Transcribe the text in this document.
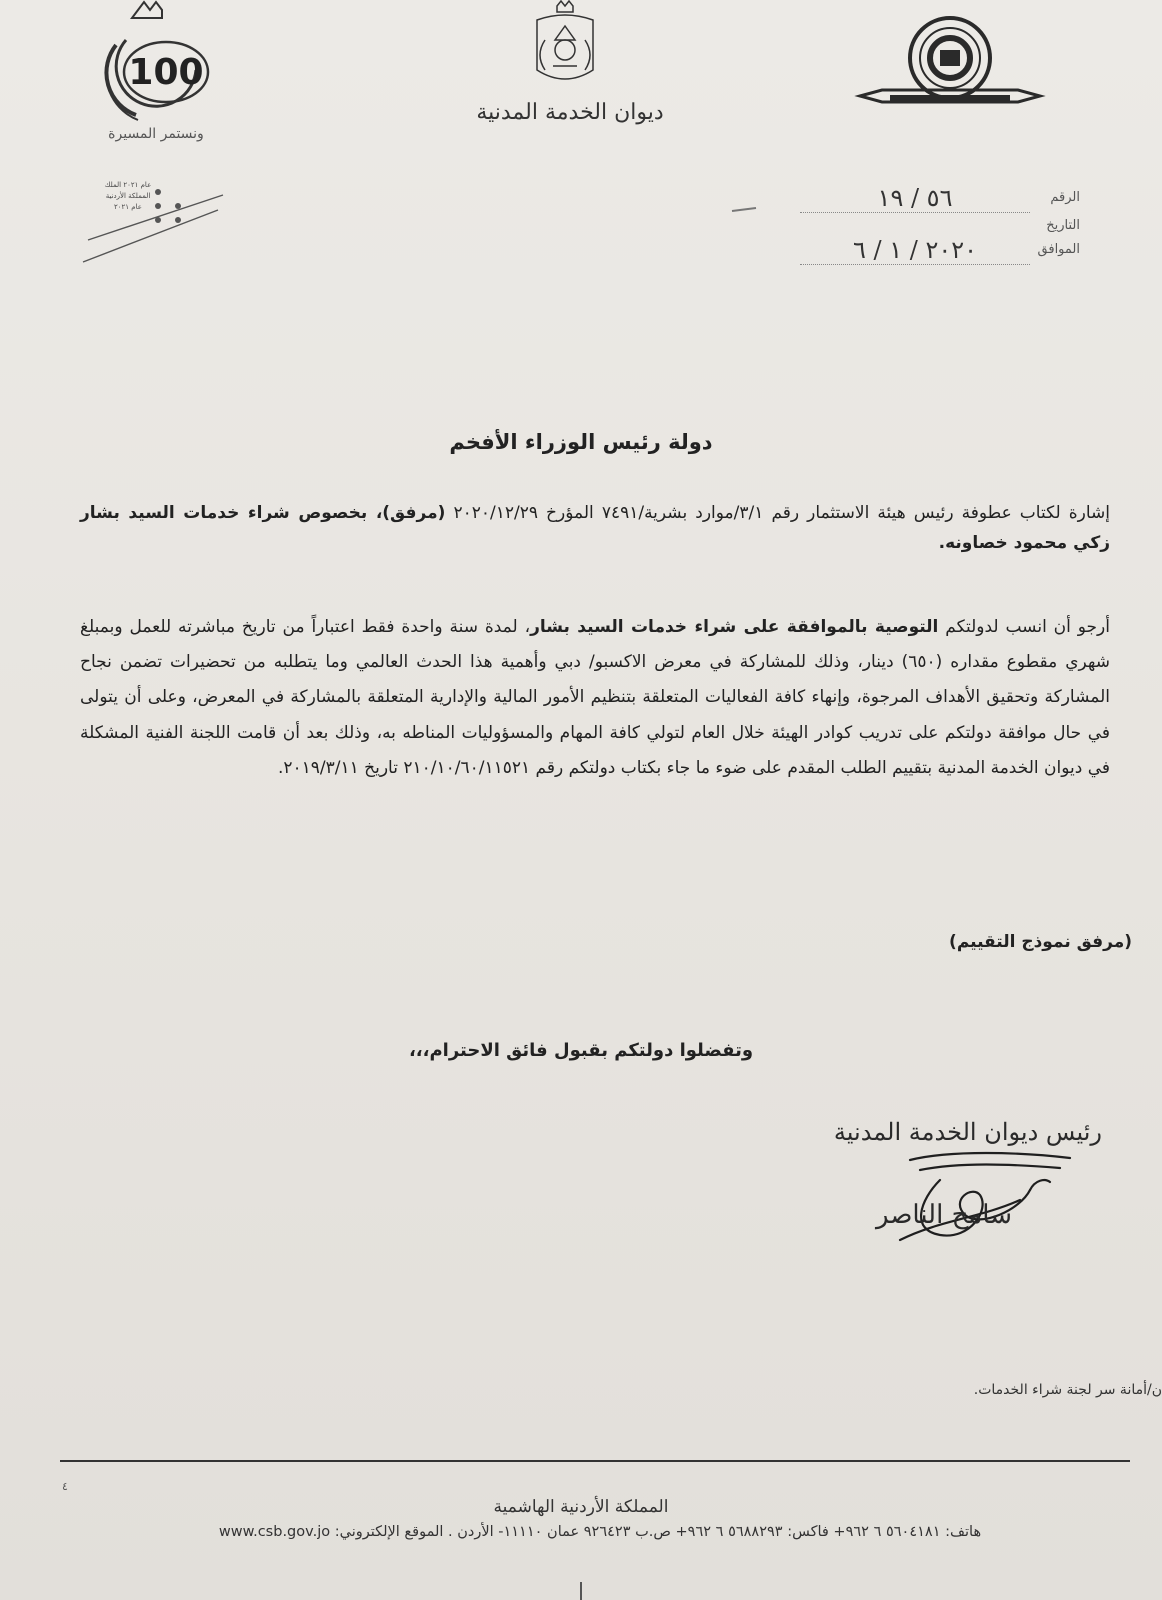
100
ونستمر المسيرة
ديوان الخدمة المدنية
عام ٢٠٢١ الملك
المملكة الأردنية
عام ٢٠٢١
الرقم
٥٦ / ١٩
التاريخ
الموافق
٢٠٢٠ / ١ / ٦
دولة رئيس الوزراء الأفخم
إشارة لكتاب عطوفة رئيس هيئة الاستثمار رقم ٣/١/موارد بشرية/٧٤٩١ المؤرخ ٢٠٢٠/١٢/٢٩ (مرفق)، بخصوص شراء خدمات السيد بشار زكي محمود خصاونه.
أرجو أن انسب لدولتكم التوصية بالموافقة على شراء خدمات السيد بشار، لمدة سنة واحدة فقط اعتباراً من تاريخ مباشرته للعمل وبمبلغ شهري مقطوع مقداره (٦٥٠) دينار، وذلك للمشاركة في معرض الاكسبو/ دبي وأهمية هذا الحدث العالمي وما يتطلبه من تحضيرات تضمن نجاح المشاركة وتحقيق الأهداف المرجوة، وإنهاء كافة الفعاليات المتعلقة بتنظيم الأمور المالية والإدارية المتعلقة بالمشاركة في المعرض، وعلى أن يتولى في حال موافقة دولتكم على تدريب كوادر الهيئة خلال العام لتولي كافة المهام والمسؤوليات المناطه به، وذلك بعد أن قامت اللجنة الفنية المشكلة في ديوان الخدمة المدنية بتقييم الطلب المقدم على ضوء ما جاء بكتاب دولتكم رقم ٢١٠/١٠/٦٠/١١٥٢١ تاريخ ٢٠١٩/٣/١١.
(مرفق نموذج التقييم)
وتفضلوا دولتكم بقبول فائق الاحترام،،،
رئيس ديوان الخدمة المدنية
سامح الناصر
ن/أمانة سر لجنة شراء الخدمات.
٤
المملكة الأردنية الهاشمية
هاتف: ٥٦٠٤١٨١ ٦ ٩٦٢+ فاكس: ٥٦٨٨٢٩٣ ٦ ٩٦٢+ ص.ب ٩٢٦٤٢٣ عمان ١١١١٠- الأردن . الموقع الإلكتروني: www.csb.gov.jo
